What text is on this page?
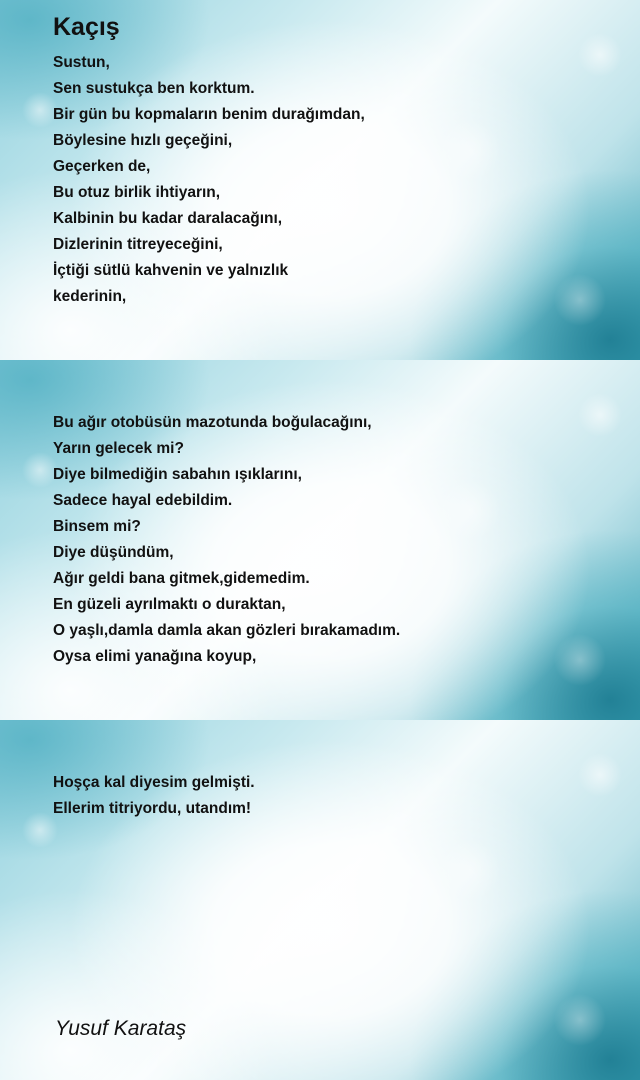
Kaçış
Sustun,
Sen sustukça ben korktum.
Bir gün bu kopmaların benim durağımdan,
Böylesine hızlı geçeğini,
Geçerken de,
Bu otuz birlik ihtiyarın,
Kalbinin bu kadar daralacağını,
Dizlerinin titreyeceğini,
İçtiği sütlü kahvenin ve yalnızlık
kederinin,
Bu ağır otobüsün mazotunda boğulacağını,
Yarın gelecek mi?
Diye bilmediğin sabahın ışıklarını,
Sadece hayal edebildim.
Binsem mi?
Diye düşündüm,
Ağır geldi bana gitmek,gidemedim.
En güzeli ayrılmaktı o duraktan,
O yaşlı,damla damla akan gözleri bırakamadım.
Oysa elimi yanağına koyup,
Hoşça kal diyesim gelmişti.
Ellerim titriyordu, utandım!

Yusuf Karataş
